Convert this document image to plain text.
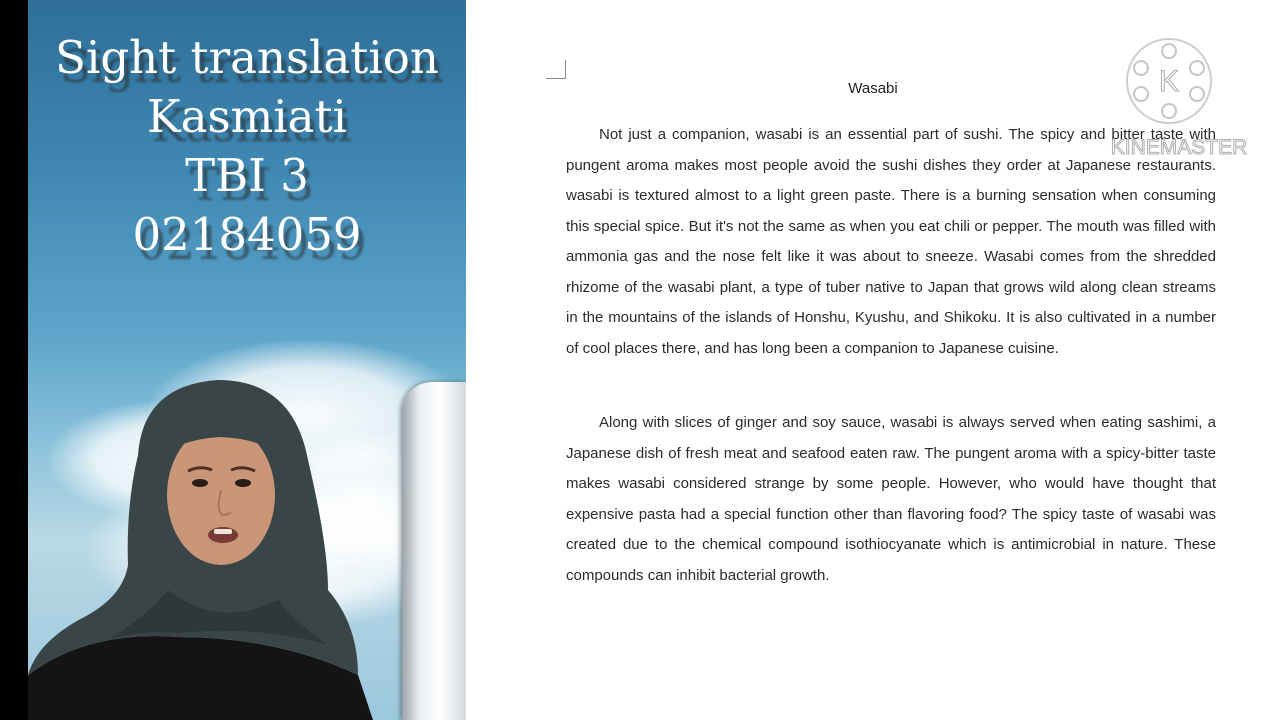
Sight translation
Kasmiati
TBI 3
02184059
Wasabi

Not just a companion, wasabi is an essential part of sushi. The spicy and bitter taste with pungent aroma makes most people avoid the sushi dishes they order at Japanese restaurants. wasabi is textured almost to a light green paste. There is a burning sensation when consuming this special spice. But it's not the same as when you eat chili or pepper. The mouth was filled with ammonia gas and the nose felt like it was about to sneeze. Wasabi comes from the shredded rhizome of the wasabi plant, a type of tuber native to Japan that grows wild along clean streams in the mountains of the islands of Honshu, Kyushu, and Shikoku. It is also cultivated in a number of cool places there, and has long been a companion to Japanese cuisine.

Along with slices of ginger and soy sauce, wasabi is always served when eating sashimi, a Japanese dish of fresh meat and seafood eaten raw. The pungent aroma with a spicy-bitter taste makes wasabi considered strange by some people. However, who would have thought that expensive pasta had a special function other than flavoring food? The spicy taste of wasabi was created due to the chemical compound isothiocyanate which is antimicrobial in nature. These compounds can inhibit bacterial growth.

K
KINEMASTER
